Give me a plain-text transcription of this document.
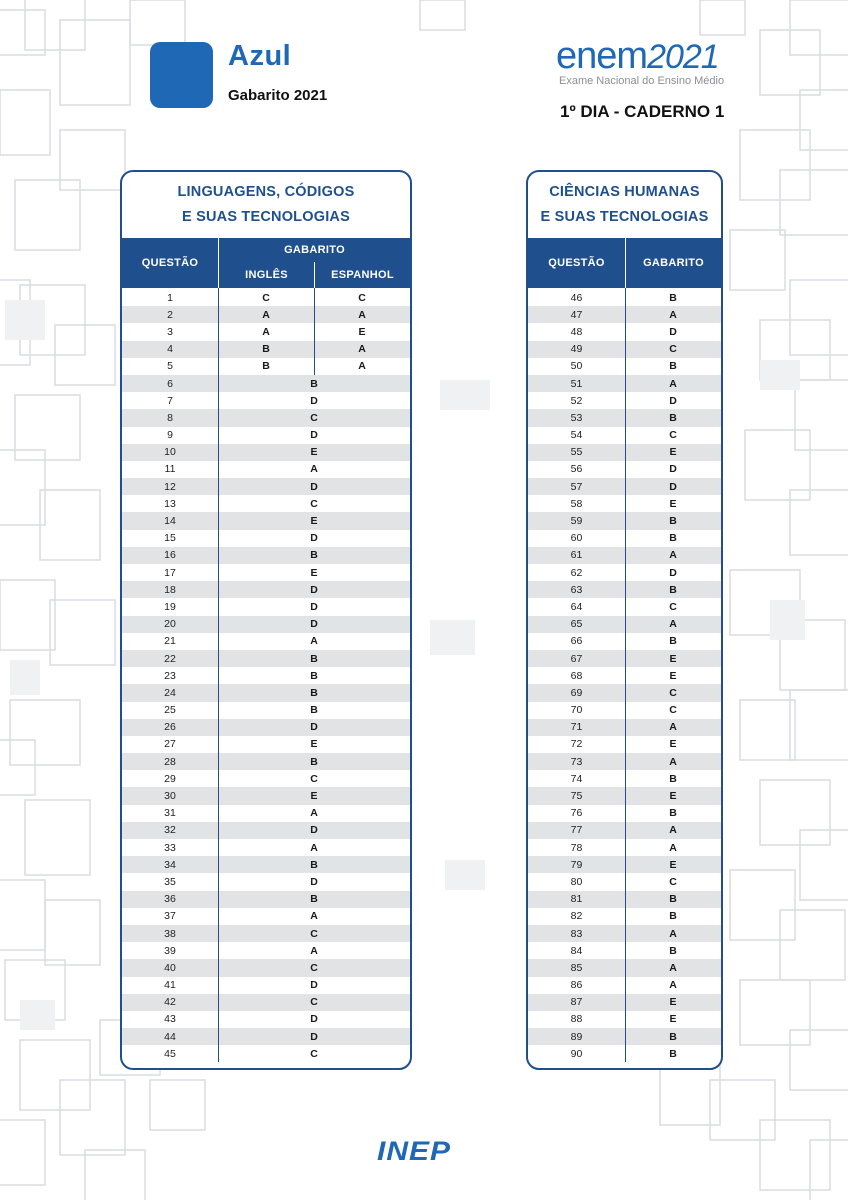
Azul
Gabarito 2021
enem2021
Exame Nacional do Ensino Médio
1º DIA - CADERNO 1
LINGUAGENS, CÓDIGOS
E SUAS TECNOLOGIAS
QUESTÃO
GABARITO
INGLÊS	ESPANHOL
1	C	C
2	A	A
3	A	E
4	B	A
5	B	A
6	B
7	D
8	C
9	D
10	E
11	A
12	D
13	C
14	E
15	D
16	B
17	E
18	D
19	D
20	D
21	A
22	B
23	B
24	B
25	B
26	D
27	E
28	B
29	C
30	E
31	A
32	D
33	A
34	B
35	D
36	B
37	A
38	C
39	A
40	C
41	D
42	C
43	D
44	D
45	C
CIÊNCIAS HUMANAS
E SUAS TECNOLOGIAS
QUESTÃO	GABARITO
46	B
47	A
48	D
49	C
50	B
51	A
52	D
53	B
54	C
55	E
56	D
57	D
58	E
59	B
60	B
61	A
62	D
63	B
64	C
65	A
66	B
67	E
68	E
69	C
70	C
71	A
72	E
73	A
74	B
75	E
76	B
77	A
78	A
79	E
80	C
81	B
82	B
83	A
84	B
85	A
86	A
87	E
88	E
89	B
90	B
INEP
